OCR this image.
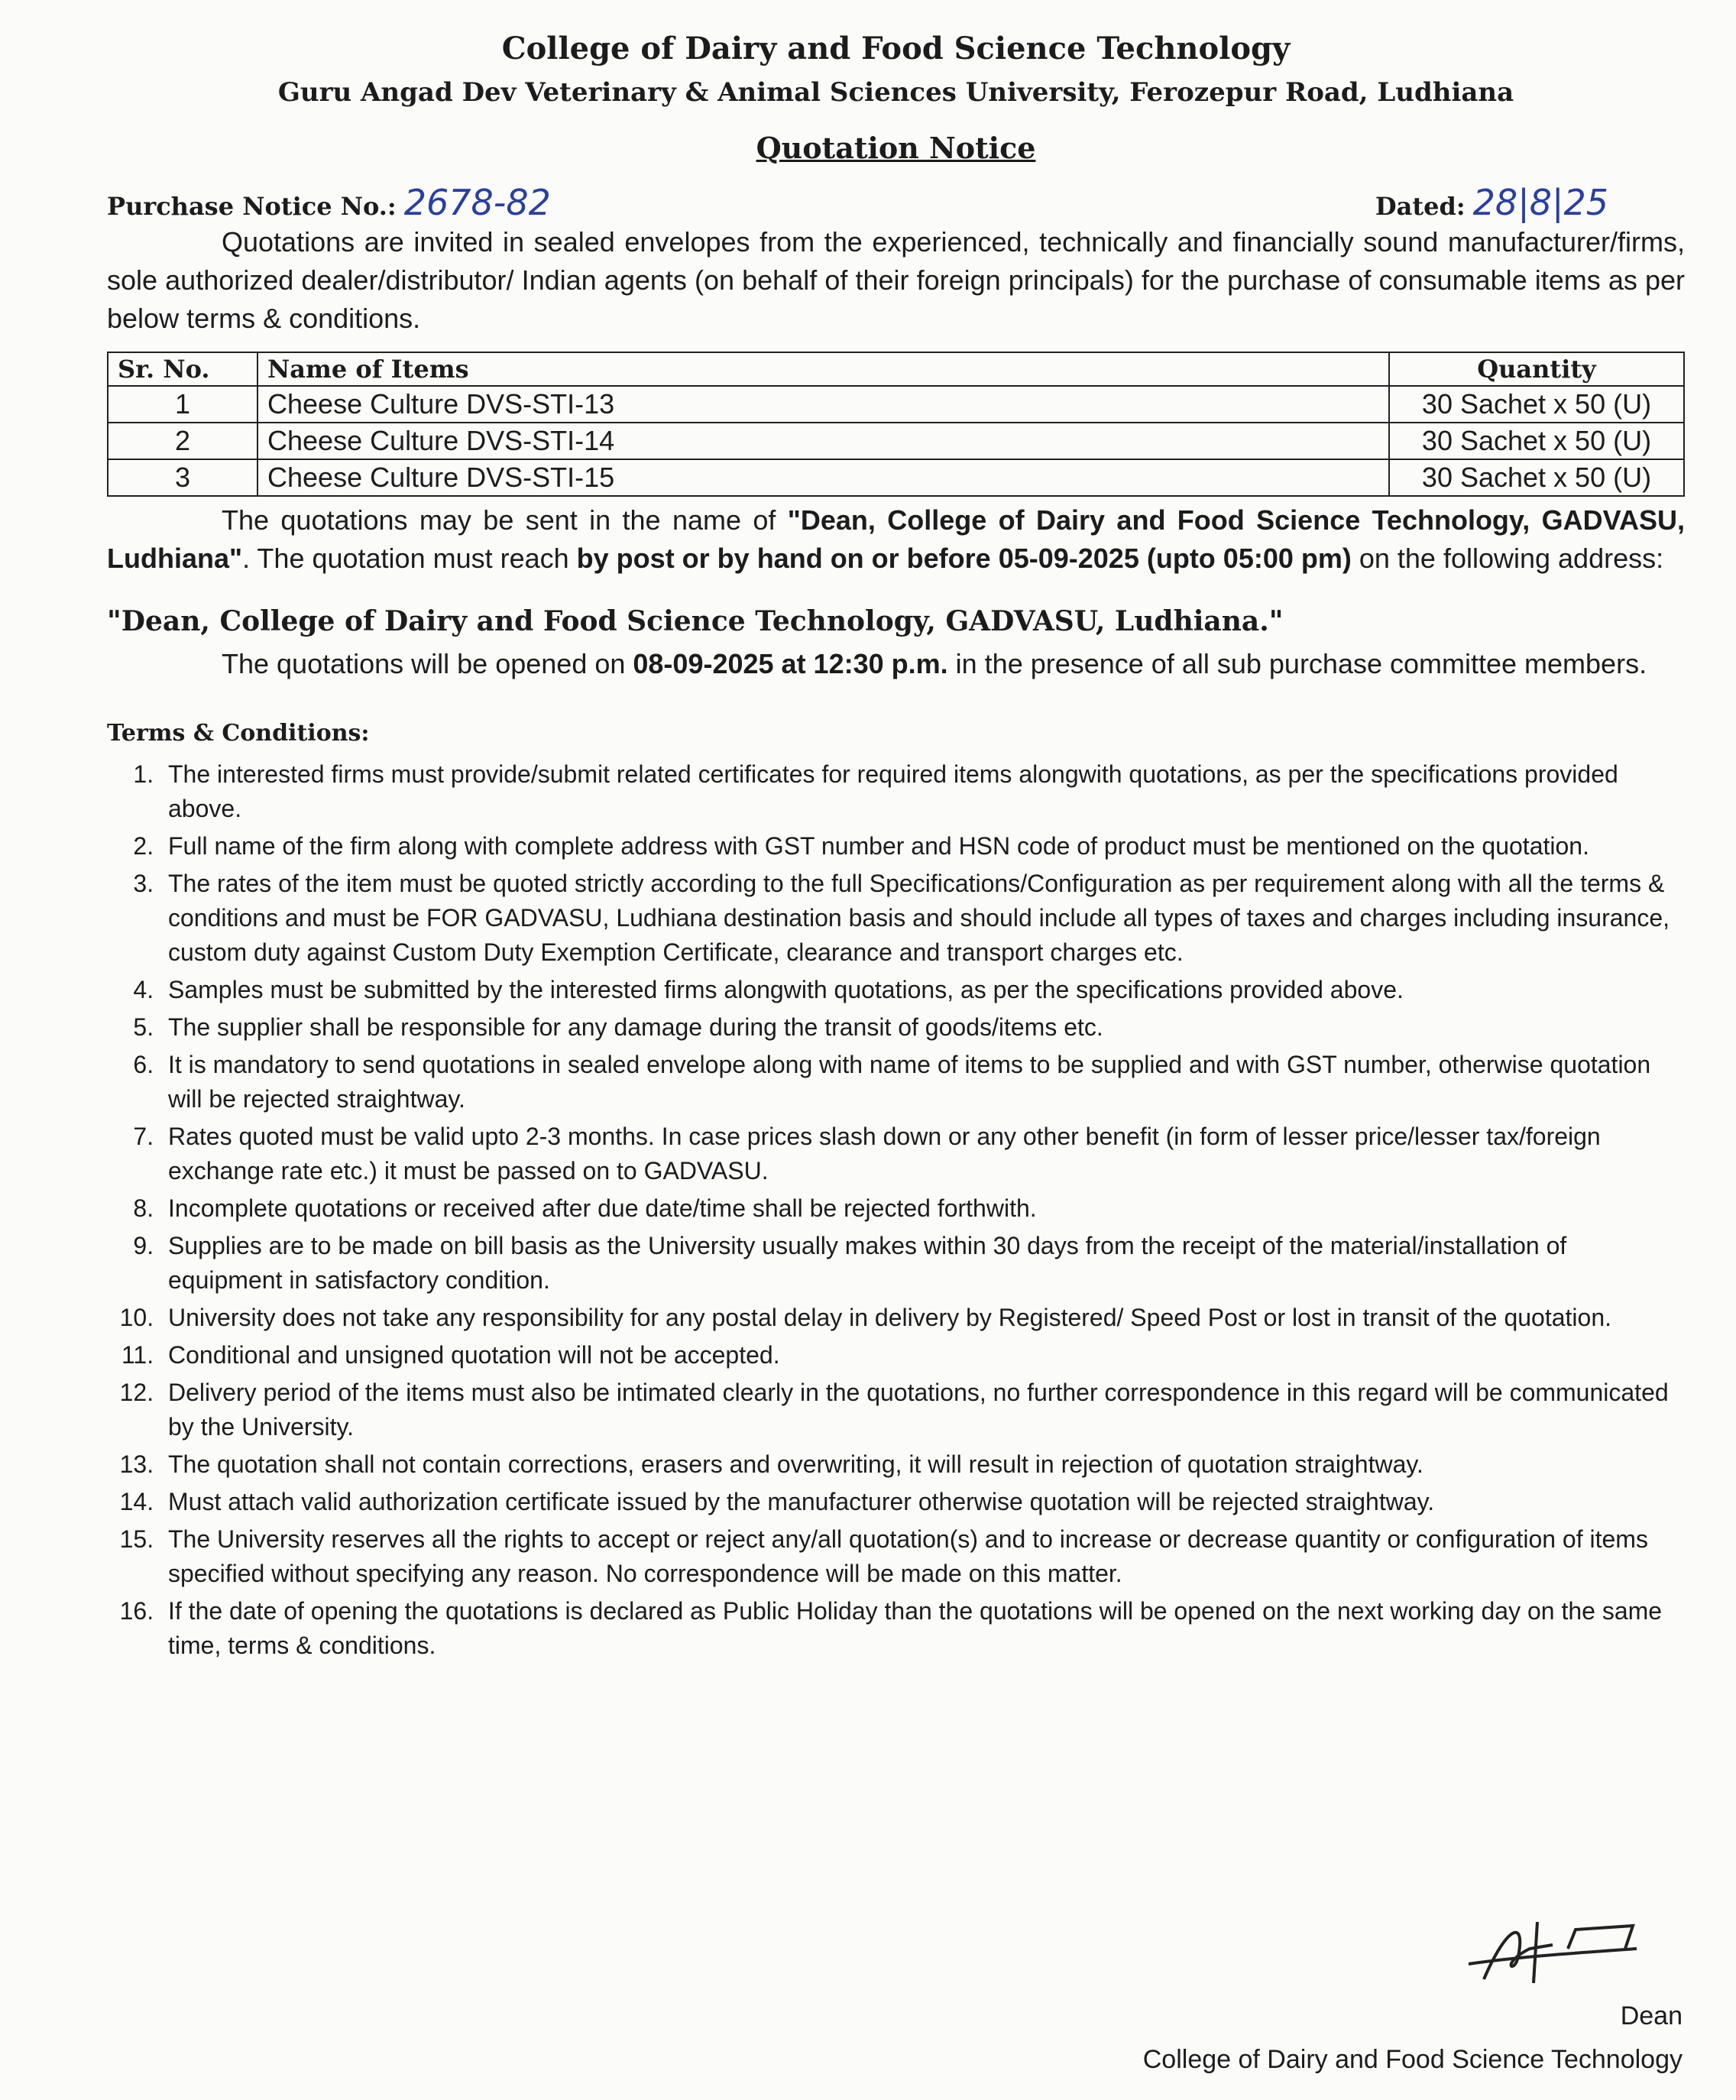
College of Dairy and Food Science Technology
Guru Angad Dev Veterinary & Animal Sciences University, Ferozepur Road, Ludhiana
Quotation Notice
Purchase Notice No.: 2678-82	Dated: 28|8|25

Quotations are invited in sealed envelopes from the experienced, technically and financially sound manufacturer/firms, sole authorized dealer/distributor/ Indian agents (on behalf of their foreign principals) for the purchase of consumable items as per below terms & conditions.

Sr. No.	Name of Items	Quantity
1	Cheese Culture DVS-STI-13	30 Sachet x 50 (U)
2	Cheese Culture DVS-STI-14	30 Sachet x 50 (U)
3	Cheese Culture DVS-STI-15	30 Sachet x 50 (U)

The quotations may be sent in the name of "Dean, College of Dairy and Food Science Technology, GADVASU, Ludhiana". The quotation must reach by post or by hand on or before 05-09-2025 (upto 05:00 pm) on the following address:

"Dean, College of Dairy and Food Science Technology, GADVASU, Ludhiana."

The quotations will be opened on 08-09-2025 at 12:30 p.m. in the presence of all sub purchase committee members.

Terms & Conditions:
1. The interested firms must provide/submit related certificates for required items alongwith quotations, as per the specifications provided above.
2. Full name of the firm along with complete address with GST number and HSN code of product must be mentioned on the quotation.
3. The rates of the item must be quoted strictly according to the full Specifications/Configuration as per requirement along with all the terms & conditions and must be FOR GADVASU, Ludhiana destination basis and should include all types of taxes and charges including insurance, custom duty against Custom Duty Exemption Certificate, clearance and transport charges etc.
4. Samples must be submitted by the interested firms alongwith quotations, as per the specifications provided above.
5. The supplier shall be responsible for any damage during the transit of goods/items etc.
6. It is mandatory to send quotations in sealed envelope along with name of items to be supplied and with GST number, otherwise quotation will be rejected straightway.
7. Rates quoted must be valid upto 2-3 months. In case prices slash down or any other benefit (in form of lesser price/lesser tax/foreign exchange rate etc.) it must be passed on to GADVASU.
8. Incomplete quotations or received after due date/time shall be rejected forthwith.
9. Supplies are to be made on bill basis as the University usually makes within 30 days from the receipt of the material/installation of equipment in satisfactory condition.
10. University does not take any responsibility for any postal delay in delivery by Registered/ Speed Post or lost in transit of the quotation.
11. Conditional and unsigned quotation will not be accepted.
12. Delivery period of the items must also be intimated clearly in the quotations, no further correspondence in this regard will be communicated by the University.
13. The quotation shall not contain corrections, erasers and overwriting, it will result in rejection of quotation straightway.
14. Must attach valid authorization certificate issued by the manufacturer otherwise quotation will be rejected straightway.
15. The University reserves all the rights to accept or reject any/all quotation(s) and to increase or decrease quantity or configuration of items specified without specifying any reason. No correspondence will be made on this matter.
16. If the date of opening the quotations is declared as Public Holiday than the quotations will be opened on the next working day on the same time, terms & conditions.
Dean
College of Dairy and Food Science Technology
